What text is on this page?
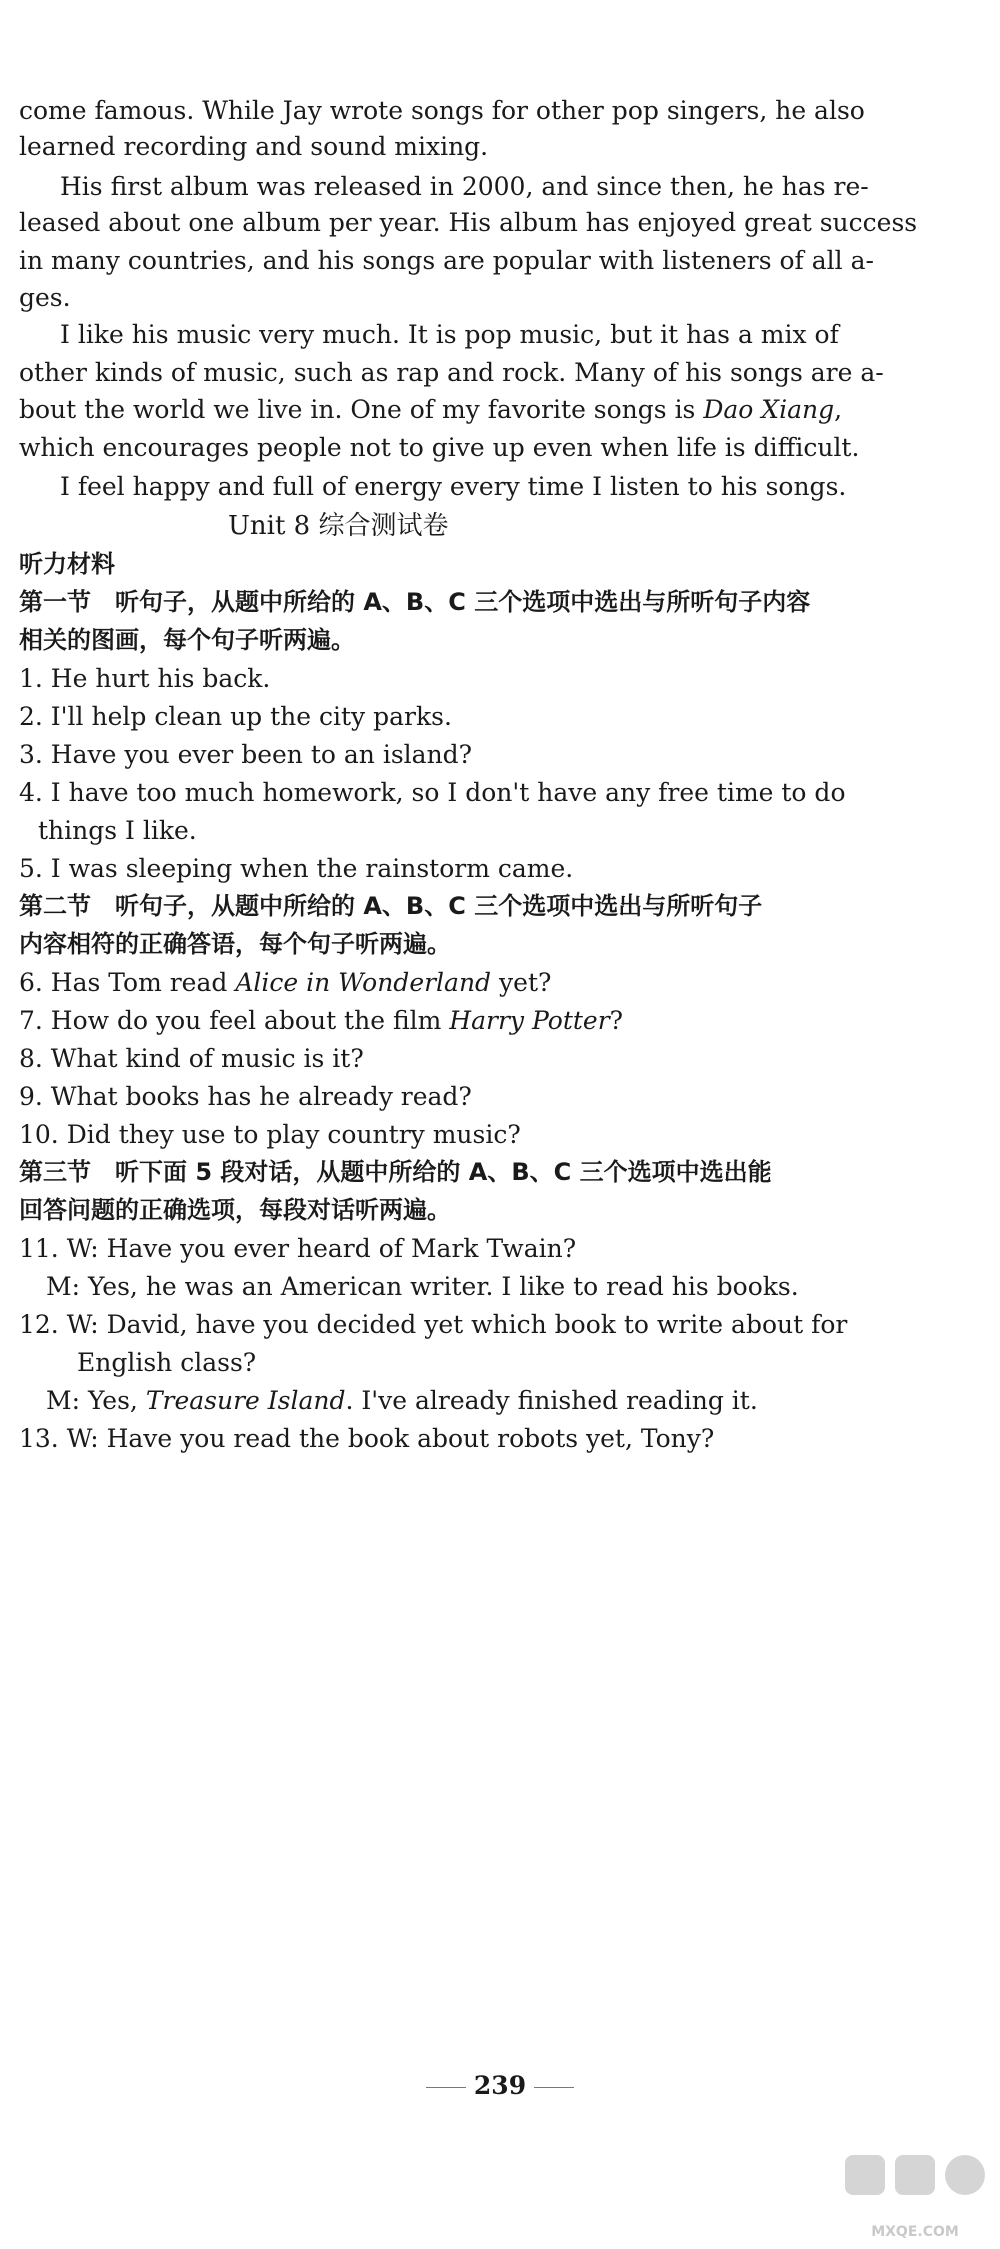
come famous. While Jay wrote songs for other pop singers, he also
learned recording and sound mixing.
His first album was released in 2000, and since then, he has re-
leased about one album per year. His album has enjoyed great success
in many countries, and his songs are popular with listeners of all a-
ges.
I like his music very much. It is pop music, but it has a mix of
other kinds of music, such as rap and rock. Many of his songs are a-
bout the world we live in. One of my favorite songs is Dao Xiang,
which encourages people not to give up even when life is difficult.
I feel happy and full of energy every time I listen to his songs.
Unit 8 综合测试卷
听力材料
第一节　听句子，从题中所给的 A、B、C 三个选项中选出与所听句子内容
相关的图画，每个句子听两遍。
1. He hurt his back.
2. I'll help clean up the city parks.
3. Have you ever been to an island?
4. I have too much homework, so I don't have any free time to do
things I like.
5. I was sleeping when the rainstorm came.
第二节　听句子，从题中所给的 A、B、C 三个选项中选出与所听句子
内容相符的正确答语，每个句子听两遍。
6. Has Tom read Alice in Wonderland yet?
7. How do you feel about the film Harry Potter?
8. What kind of music is it?
9. What books has he already read?
10. Did they use to play country music?
第三节　听下面 5 段对话，从题中所给的 A、B、C 三个选项中选出能
回答问题的正确选项，每段对话听两遍。
11. W: Have you ever heard of Mark Twain?
M: Yes, he was an American writer. I like to read his books.
12. W: David, have you decided yet which book to write about for
English class?
M: Yes, Treasure Island. I've already finished reading it.
13. W: Have you read the book about robots yet, Tony?
239
MXQE.COM
